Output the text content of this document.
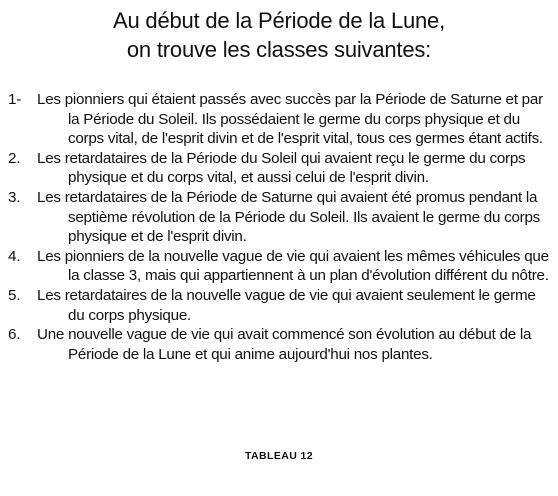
Au début de la Période de la Lune,
on trouve les classes suivantes:
1- Les pionniers qui étaient passés avec succès par la Période de Saturne et par la Période du Soleil. Ils possédaient le germe du corps physique et du corps vital, de l'esprit divin et de l'esprit vital, tous ces germes étant actifs.
2. Les retardataires de la Période du Soleil qui avaient reçu le germe du corps physique et du corps vital, et aussi celui de l'esprit divin.
3. Les retardataires de la Période de Saturne qui avaient été promus pendant la septième révolution de la Période du Soleil. Ils avaient le germe du corps physique et de l'esprit divin.
4. Les pionniers de la nouvelle vague de vie qui avaient les mêmes véhicules que la classe 3, mais qui appartiennent à un plan d'évolution différent du nôtre.
5. Les retardataires de la nouvelle vague de vie qui avaient seulement le germe du corps physique.
6. Une nouvelle vague de vie qui avait commencé son évolution au début de la Période de la Lune et qui anime aujourd'hui nos plantes.
TABLEAU 12
